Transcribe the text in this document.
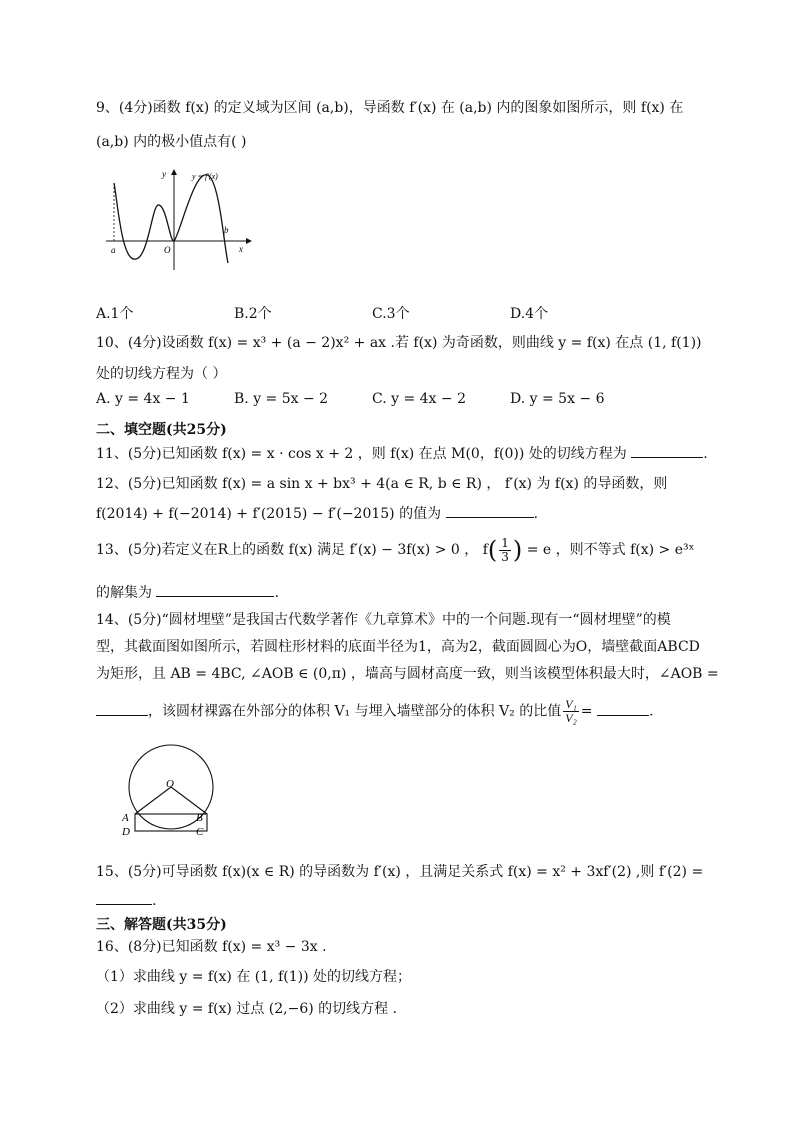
9、(4分)函数 f(x) 的定义域为区间 (a,b)，导函数 f′(x) 在 (a,b) 内的图象如图所示，则 f(x) 在
(a,b) 内的极小值点有( )
y	y = f′(x)
x
a	O
b
A.1个	B.2个	C.3个	D.4个
10、(4分)设函数 f(x) = x³ + (a − 2)x² + ax .若 f(x) 为奇函数，则曲线 y = f(x) 在点 (1, f(1))
处的切线方程为（ ）
A. y = 4x − 1	B. y = 5x − 2	C. y = 4x − 2	D. y = 5x − 6
二、填空题(共25分)
11、(5分)已知函数 f(x) = x · cos x + 2 ，则 f(x) 在点 M(0，f(0)) 处的切线方程为	.
12、(5分)已知函数 f(x) = a sin x + bx³ + 4(a ∈ R, b ∈ R) ， f′(x) 为 f(x) 的导函数，则
f(2014) + f(−2014) + f′(2015) − f′(−2015) 的值为	.
13、(5分)若定义在R上的函数 f(x) 满足 f′(x) − 3f(x) > 0 ， $f( \frac{1}{3}$ ) = e ，则不等式 f(x) > e³ˣ
的解集为	.
14、(5分)“圆材埋壁”是我国古代数学著作《九章算术》中的一个问题.现有一“圆材埋壁”的模
型，其截面图如图所示，若圆柱形材料的底面半径为1，高为2，截面圆圆心为O，墙壁截面ABCD
为矩形，且 AB = 4BC, ∠AOB ∈ (0,π) ，墙高与圆材高度一致，则当该模型体积最大时，∠AOB =
，该圆材裸露在外部分的体积 V₁ 与埋入墙壁部分的体积 V₂ 的比值 $\frac{\text{V₁}}{\text{V₂}}$ =	.
O
A	B
D	C
15、(5分)可导函数 f(x)(x ∈ R) 的导函数为 f′(x) ，且满足关系式 f(x) = x² + 3xf′(2) ,则 f′(2) =
.
三、解答题(共35分)
16、(8分)已知函数 f(x) = x³ − 3x .
（1）求曲线 y = f(x) 在 (1, f(1)) 处的切线方程；
（2）求曲线 y = f(x) 过点 (2,−6) 的切线方程 .
